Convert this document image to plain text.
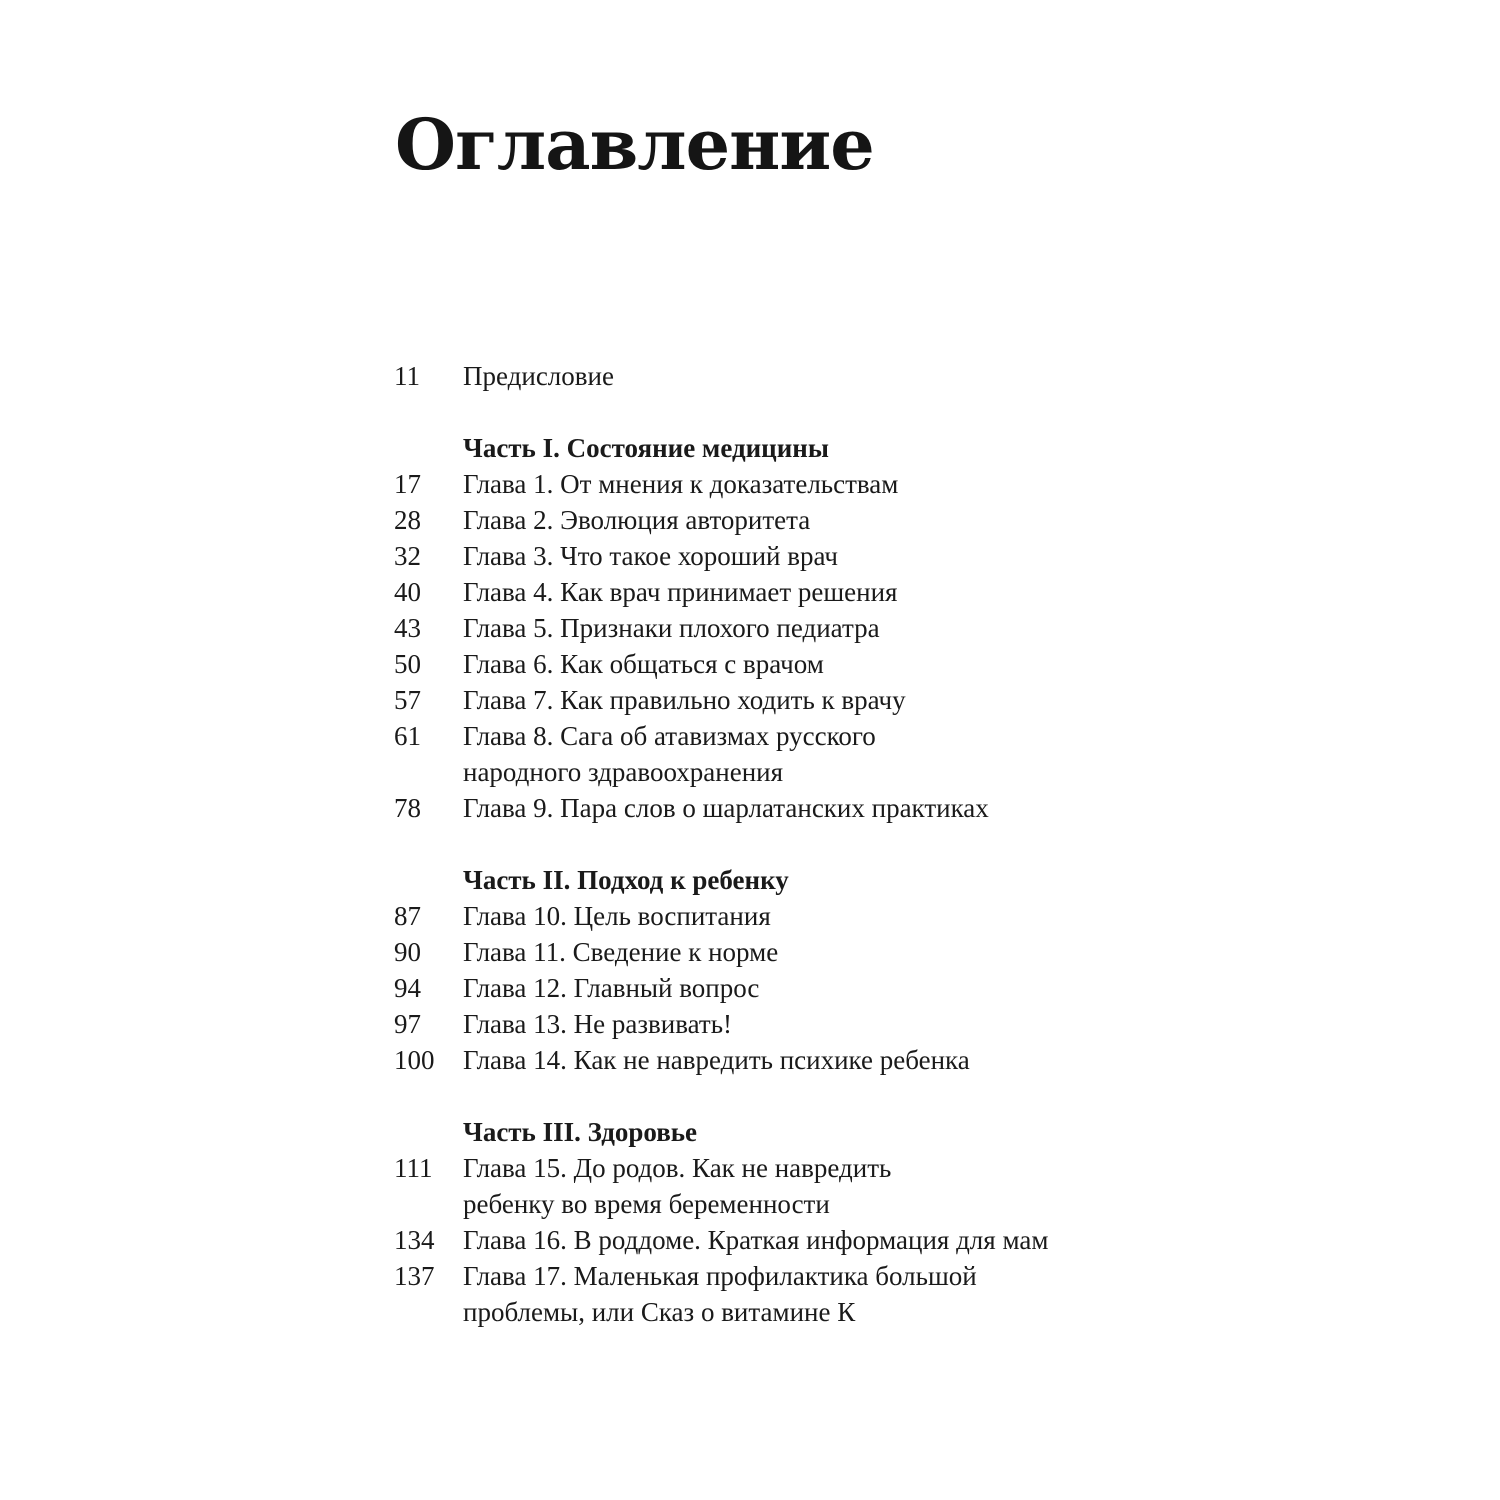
Оглавление
11	Предисловие
Часть I. Состояние медицины
17	Глава 1. От мнения к доказательствам
28	Глава 2. Эволюция авторитета
32	Глава 3. Что такое хороший врач
40	Глава 4. Как врач принимает решения
43	Глава 5. Признаки плохого педиатра
50	Глава 6. Как общаться с врачом
57	Глава 7. Как правильно ходить к врачу
61	Глава 8. Сага об атавизмах русского
народного здравоохранения
78	Глава 9. Пара слов о шарлатанских практиках
Часть II. Подход к ребенку
87	Глава 10. Цель воспитания
90	Глава 11. Сведение к норме
94	Глава 12. Главный вопрос
97	Глава 13. Не развивать!
100	Глава 14. Как не навредить психике ребенка
Часть III. Здоровье
111	Глава 15. До родов. Как не навредить
ребенку во время беременности
134	Глава 16. В роддоме. Краткая информация для мам
137	Глава 17. Маленькая профилактика большой
проблемы, или Сказ о витамине К
